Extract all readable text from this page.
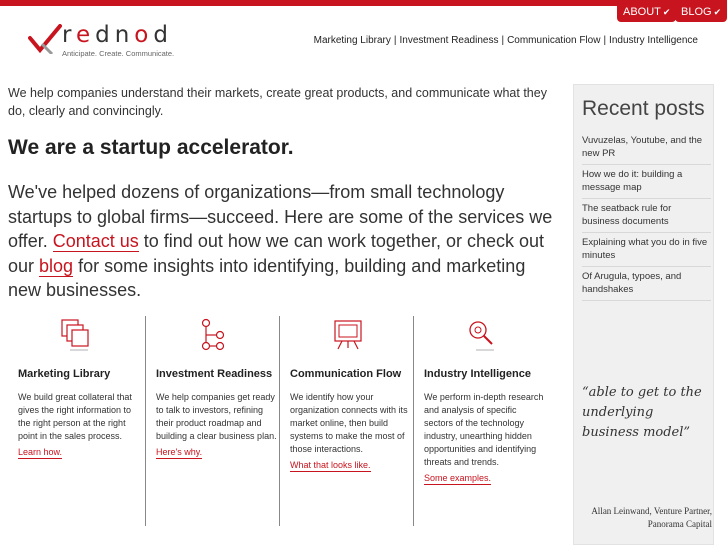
ABOUT ✔ BLOG ✔
rednod
Anticipate. Create. Communicate.
Marketing Library | Investment Readiness | Communication Flow | Industry Intelligence
We help companies understand their markets, create great products, and communicate what they do, clearly and convincingly.
We are a startup accelerator.
We've helped dozens of organizations—from small technology startups to global firms—succeed. Here are some of the services we offer. Contact us to find out how we can work together, or check out our blog for some insights into identifying, building and marketing new businesses.
Marketing Library

We build great collateral that gives the right information to the right person at the right point in the sales process.
Learn how.

Investment Readiness

We help companies get ready to talk to investors, refining their product roadmap and building a clear business plan.
Here's why.

Communication Flow

We identify how your organization connects with its market online, then build systems to make the most of those interactions.
What that looks like.

Industry Intelligence

We perform in-depth research and analysis of specific sectors of the technology industry, unearthing hidden opportunities and identifying threats and trends.
Some examples.

Recent posts
Vuvuzelas, Youtube, and the new PR
How we do it: building a message map
The seatback rule for business documents
Explaining what you do in five minutes
Of Arugula, typoes, and handshakes
“able to get to the underlying business model”
Allan Leinwand, Venture Partner, Panorama Capital
